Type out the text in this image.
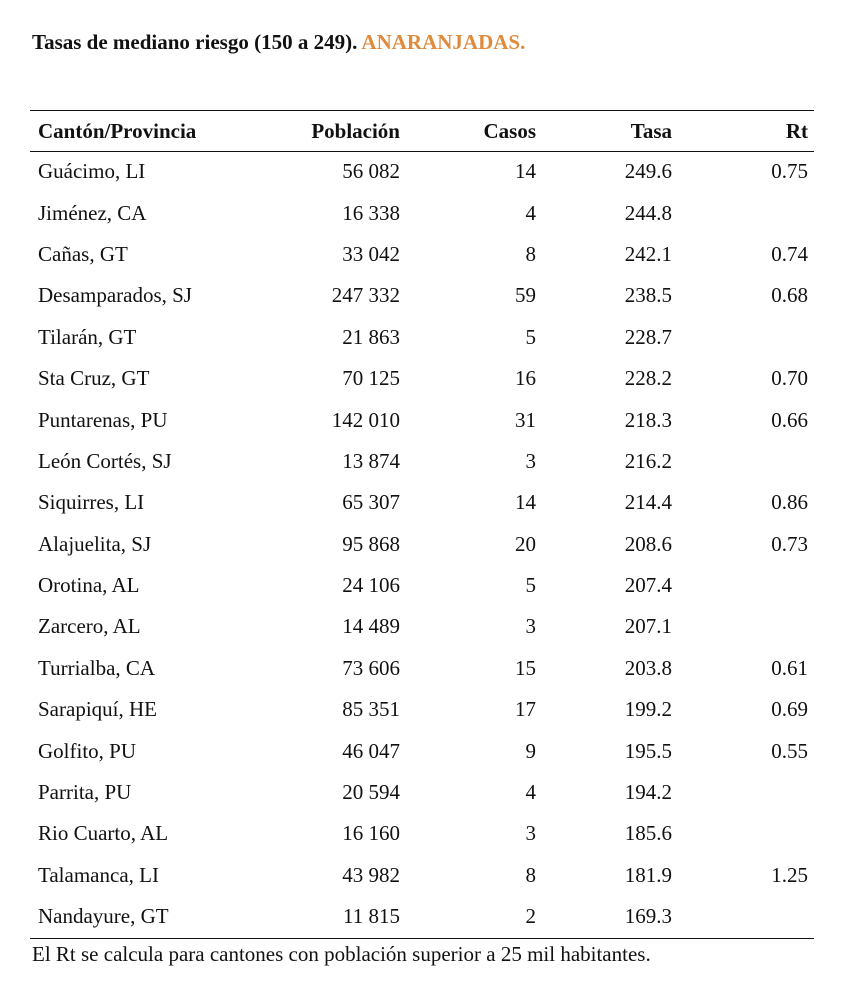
Tasas de mediano riesgo (150 a 249). ANARANJADAS.
Cantón/Provincia	Población	Casos	Tasa	Rt
Guácimo, LI	56 082	14	249.6	0.75
Jiménez, CA	16 338	4	244.8	
Cañas, GT	33 042	8	242.1	0.74
Desamparados, SJ	247 332	59	238.5	0.68
Tilarán, GT	21 863	5	228.7	
Sta Cruz, GT	70 125	16	228.2	0.70
Puntarenas, PU	142 010	31	218.3	0.66
León Cortés, SJ	13 874	3	216.2	
Siquirres, LI	65 307	14	214.4	0.86
Alajuelita, SJ	95 868	20	208.6	0.73
Orotina, AL	24 106	5	207.4	
Zarcero, AL	14 489	3	207.1	
Turrialba, CA	73 606	15	203.8	0.61
Sarapiquí, HE	85 351	17	199.2	0.69
Golfito, PU	46 047	9	195.5	0.55
Parrita, PU	20 594	4	194.2	
Rio Cuarto, AL	16 160	3	185.6	
Talamanca, LI	43 982	8	181.9	1.25
Nandayure, GT	11 815	2	169.3	
El Rt se calcula para cantones con población superior a 25 mil habitantes.
